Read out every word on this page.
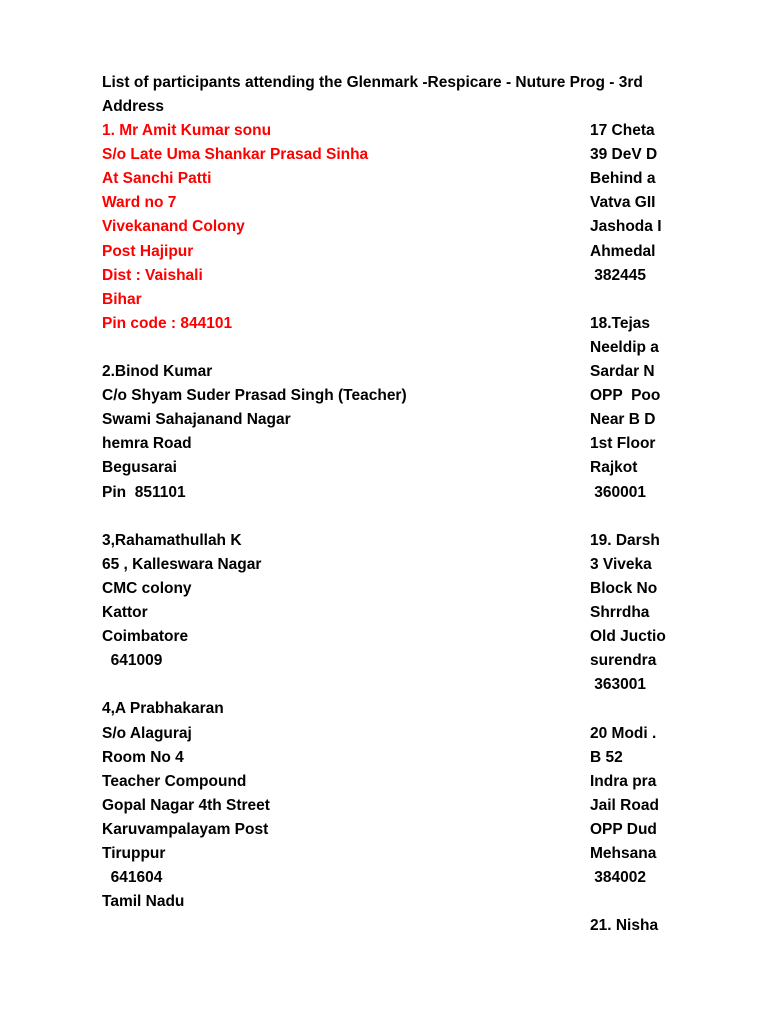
List of participants attending the Glenmark -Respicare - Nuture Prog - 3rd
Address
1. Mr Amit Kumar sonu
S/o Late Uma Shankar Prasad Sinha
At Sanchi Patti
Ward no 7
Vivekanand Colony
Post Hajipur
Dist : Vaishali
Bihar
Pin code : 844101
2.Binod Kumar
C/o Shyam Suder Prasad Singh (Teacher)
Swami Sahajanand Nagar
hemra Road
Begusarai
Pin  851101
3,Rahamathullah K
65 , Kalleswara Nagar
CMC colony
Kattor
Coimbatore
641009
4,A Prabhakaran
S/o Alaguraj
Room No 4
Teacher Compound
Gopal Nagar 4th Street
Karuvampalayam Post
Tiruppur
641604
Tamil Nadu
17 Cheta
39 DeV D
Behind a
Vatva GII
Jashoda I
Ahmedal
382445
18.Tejas
Neeldip a
Sardar N
OPP  Poo
Near B D
1st Floor
Rajkot
360001
19. Darsh
3 Viveka
Block No
Shrrdha
Old Juctio
surendra
363001
20 Modi .
B 52
Indra pra
Jail Road
OPP Dud
Mehsana
384002
21. Nisha
